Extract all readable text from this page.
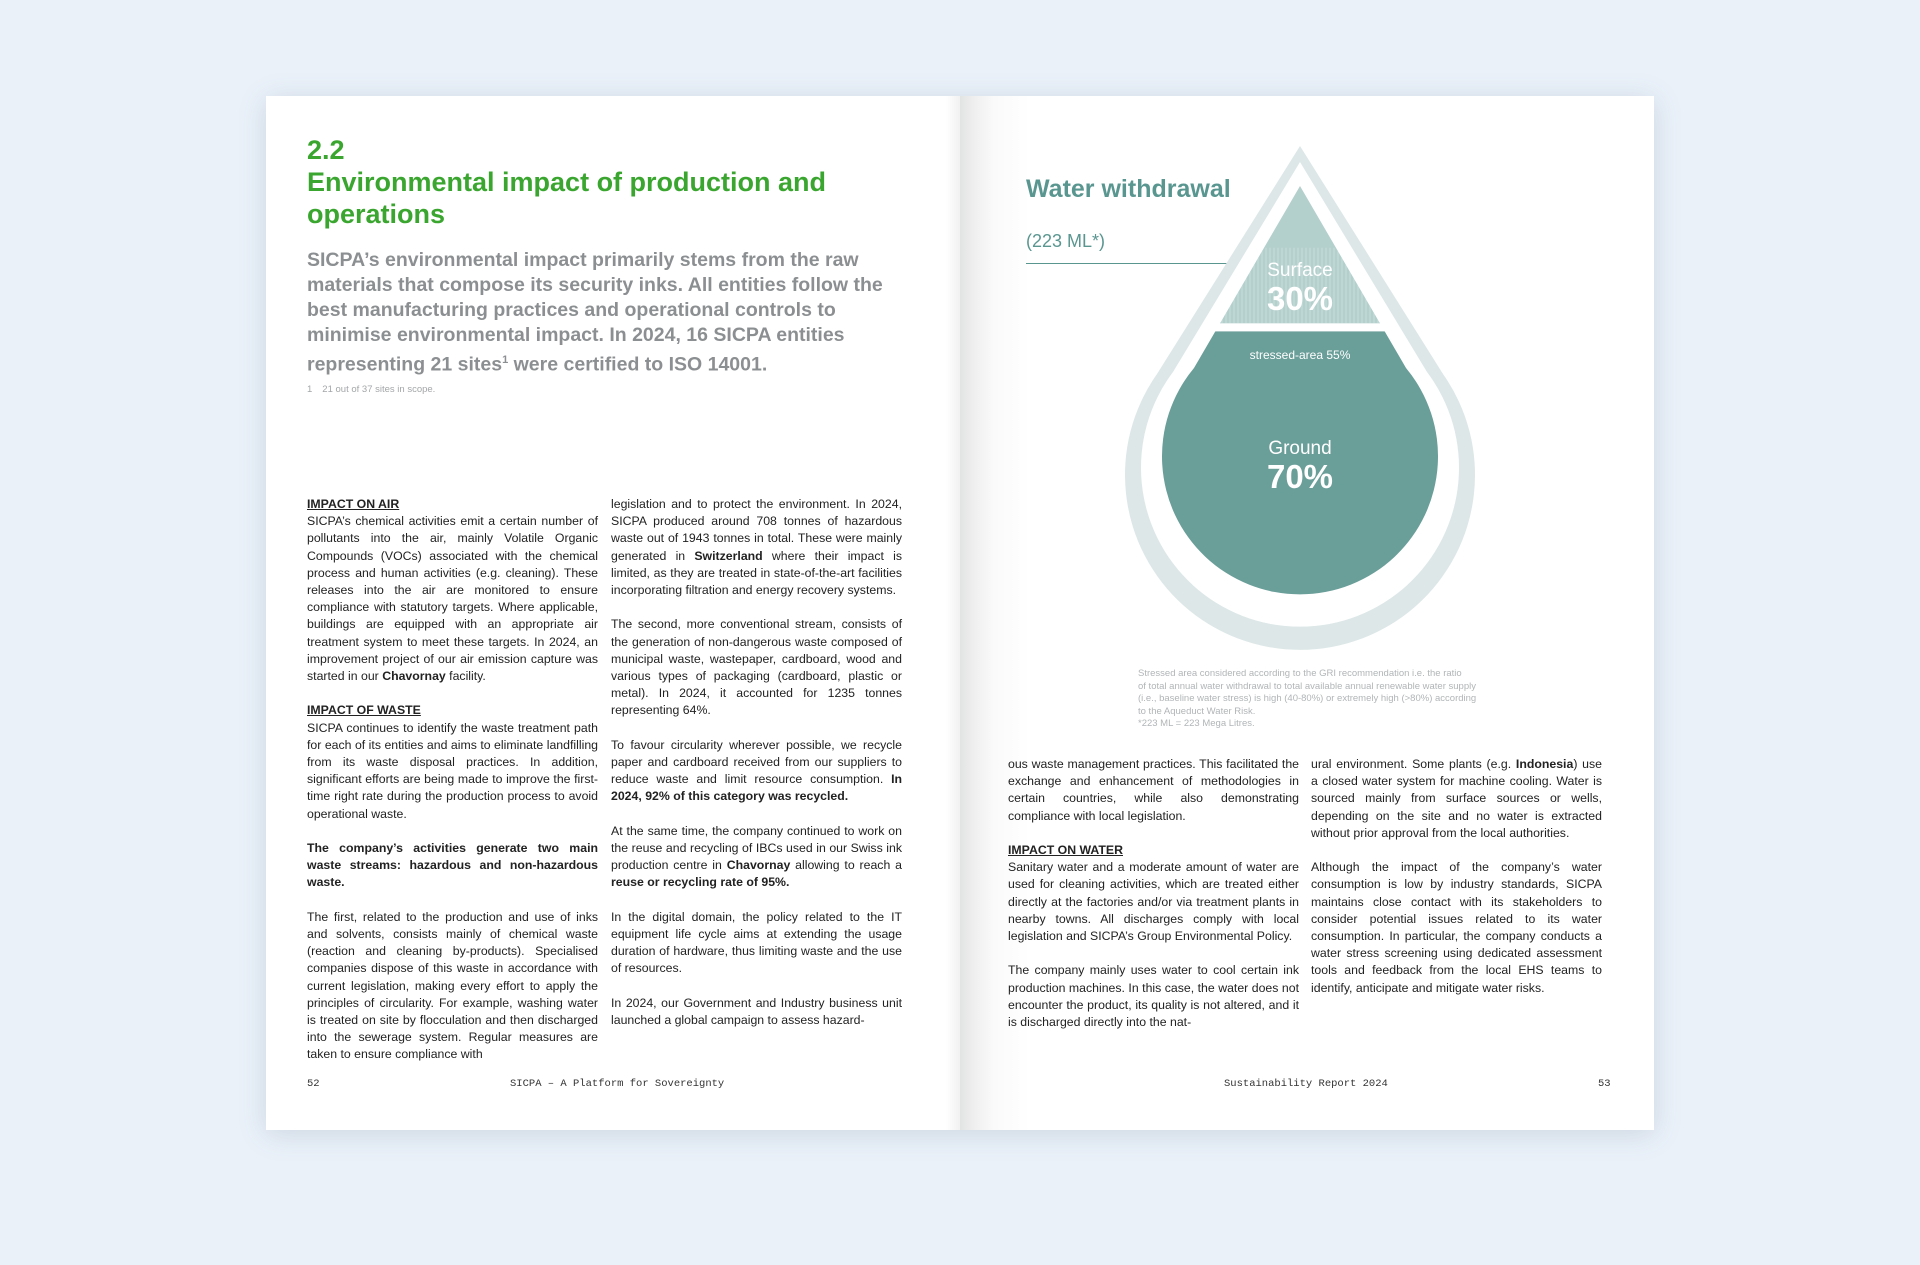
2.2
Environmental impact of production and operations

SICPA’s environmental impact primarily stems from the raw materials that compose its security inks. All entities follow the best manufacturing practices and operational controls to minimise environmental impact. In 2024, 16 SICPA entities representing 21 sites$^1$ were certified to ISO 14001.

1 21 out of 37 sites in scope.

IMPACT ON AIR
SICPA’s chemical activities emit a certain number of pollutants into the air, mainly Volatile Organic Compounds (VOCs) associated with the chemical process and human activities (e.g. cleaning). These releases into the air are monitored to ensure compliance with statutory targets. Where applicable, buildings are equipped with an appropriate air treatment system to meet these targets. In 2024, an improvement project of our air emission capture was started in our Chavornay facility.

IMPACT OF WASTE
SICPA continues to identify the waste treatment path for each of its entities and aims to eliminate landfilling from its waste disposal practices. In addition, significant efforts are being made to improve the first-time right rate during the production process to avoid operational waste.

The company’s activities generate two main waste streams: hazardous and non-hazardous waste.

The first, related to the production and use of inks and solvents, consists mainly of chemical waste (reaction and cleaning by-products). Specialised companies dispose of this waste in accordance with current legislation, making every effort to apply the principles of circularity. For example, washing water is treated on site by flocculation and then discharged into the sewerage system. Regular measures are taken to ensure compliance with

legislation and to protect the environment. In 2024, SICPA produced around 708 tonnes of hazardous waste out of 1943 tonnes in total. These were mainly generated in Switzerland where their impact is limited, as they are treated in state-of-the-art facilities incorporating filtration and energy recovery systems.

The second, more conventional stream, consists of the generation of non-dangerous waste composed of municipal waste, wastepaper, cardboard, wood and various types of packaging (cardboard, plastic or metal). In 2024, it accounted for 1235 tonnes representing 64%.

To favour circularity wherever possible, we recycle paper and cardboard received from our suppliers to reduce waste and limit resource consumption. In 2024, 92% of this category was recycled.

At the same time, the company continued to work on the reuse and recycling of IBCs used in our Swiss ink production centre in Chavornay allowing to reach a reuse or recycling rate of 95%.

In the digital domain, the policy related to the IT equipment life cycle aims at extending the usage duration of hardware, thus limiting waste and the use of resources.

In 2024, our Government and Industry business unit launched a global campaign to assess hazard-

52	SICPA – A Platform for Sovereignty
Water withdrawal
(223 ML*)
Surface
30%
stressed-area 55%
Ground
70%
stressed-area 3%

Stressed area considered according to the GRI recommendation i.e. the ratio
of total annual water withdrawal to total available annual renewable water supply
(i.e., baseline water stress) is high (40-80%) or extremely high (>80%) according
to the Aqueduct Water Risk.
*223 ML = 223 Mega Litres.

ous waste management practices. This facilitated the exchange and enhancement of methodologies in certain countries, while also demonstrating compliance with local legislation.

IMPACT ON WATER
Sanitary water and a moderate amount of water are used for cleaning activities, which are treated either directly at the factories and/or via treatment plants in nearby towns. All discharges comply with local legislation and SICPA’s Group Environmental Policy.

The company mainly uses water to cool certain ink production machines. In this case, the water does not encounter the product, its quality is not altered, and it is discharged directly into the nat-

ural environment. Some plants (e.g. Indonesia) use a closed water system for machine cooling. Water is sourced mainly from surface sources or wells, depending on the site and no water is extracted without prior approval from the local authorities.

Although the impact of the company’s water consumption is low by industry standards, SICPA maintains close contact with its stakeholders to consider potential issues related to its water consumption. In particular, the company conducts a water stress screening using dedicated assessment tools and feedback from the local EHS teams to identify, anticipate and mitigate water risks.

Sustainability Report 2024	53
